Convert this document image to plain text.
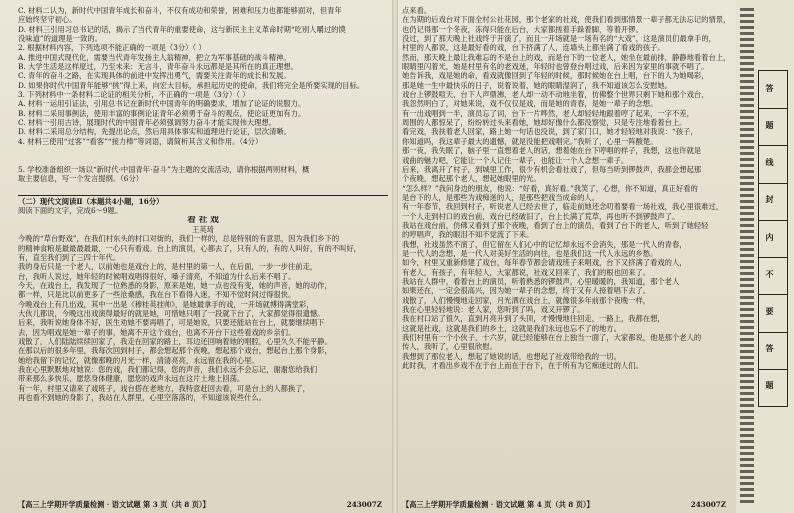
C. 材料二认为，新时代中国青年成长和奋斗，不仅有成功和荣誉，困难和压力也都能够面对，但青年
应始终坚守初心。
D. 材料三引用习总书记的话，揭示了当代青年的重要使命，这与新民主主义革命时期“吃别人嚼过的馍
没味道”的道理是一致的。
2. 根据材料内容，下列选项不能正确的一项是（3分）（ ）
A. 推进中国式现代化，需要当代青年发扬主人翁精神，把立为军事基础的战斗精神。
B. 大学生活是这样度过，乃至未来：无言斗，青年奋斗永远都是是其所在的真正理想。
C. 青年的奋斗之路，在实现具体的前进中发挥出勇气，需要关注青年的成长和发展。
D. 如果你时代中国青年能够“挑”得上来，向宏大目标，承担起历史的使命，我们将完全是所要实现的目标。
3. 下列材料中一条材料二论证的相关分析，不正确的一项是（3分）（ ）
A. 材料一运用引证法，引用总书记在新时代中国青年的明确要求，增加了论证的说服力。
B. 材料二采用事例法，使用丰富的事例论证青年必须勇于奋斗的观点，使论证更加有力。
C. 材料一引用古诗，展现时代的中国青年必须强调努力奋斗才能实现伟大理想。
D. 材料二采用总分结构，先提出论点，然后用具体事实和道理进行论证，层次清晰。
4. 材料三使用“过客”“看客”“接力棒”等词语，请简析其含义和作用。（4分）

5. 学校准备组织一场以“新时代·中国青年·奋斗”为主题的交流活动，请你根据两则材料，概
取主要信息，写一个发言提纲。（6分）

（二）现代文阅读Ⅱ（本题共4小题，16分）
阅读下面的文字，完成6～9题。
看 社 戏
王英琦
今晚的“草台野戏”，在我们村东头的村口对街的，我们一样的，总是特别的有意思，因为我们乡下的
的精神食粮是最最最最最，一心只有看戏。台上的演员，心都去了，只有人的，有的人叫好，有的不叫好，
有，直至我们到了三四十年代。
我的身后只是一个老人，以前她也是戏台上的，是村里的第一人，在后面，一步一步往前走，
台，我听人说过，她年轻的时候唱戏唱得很好，嗓子清亮，不知道为什么后来不唱了。
今天，在戏台上，我发现了一位熟悉的身影，原来是她，她一点也没有变，她的声音，她的动作，
都一样，只是比以前更多了一些沧桑感，我在台下看得入迷，不知不觉时间过得很快。
今晚戏台上有几出戏，其中一出是《穆桂英挂帅》，是她最拿手的戏，一开场就博得满堂彩，
大伙儿都说，今晚这出戏演得最好的就是她，可惜她只唱了一段就下台了，大家都觉得很遗憾。
后来，我听说她身体不好，医生劝她不要再唱了，可是她说，只要还能站在台上，就要继续唱下
去，因为唱戏是她一辈子的事，她离不开这个戏台，也离不开台下这些看戏的乡亲们。
戏散了，人们陆陆续续回家了，我走在回家的路上，耳边还回响着她的唱腔，心里久久不能平静。
在那以后的很多年里，我每次回到村子，都会想起那个夜晚，想起那个戏台，想起台上那个身影，
她给我留下的记忆，就像那晚的月光一样，清清亮亮，永远留在我的心里。
我在心里默默地对她说：您的戏，我们都记得，您的声音，我们永远不会忘记，谢谢您给我们
带来那么多快乐，愿您身体健康，愿您的戏声永远在这片土地上回荡。
有一年，村里又请来了戏班子，戏台搭在老地方，我特意赶回去看，可是台上的人都换了，
再也看不到她的身影了，我站在人群里，心里空落落的，不知道该说些什么。
【高三上学期开学质量检测 · 语文试题 第 3 页（共 8 页）】	243007Z
点来看。
在为期的后戏台对下面全村公社花园，那个老家的社戏，使我们看到那情景一辈子都无法忘记的情景，
也仍记得那一个冬夜，冻得只能在后台，大家都搓着手跺着脚，等着开锣。
没过，到了那天晚上社戏终于开演了，而且一开场就是一场有名的“大戏”，这是演员们最拿手的，
村里的人都说，这是最好看的戏，台下挤满了人，连墙头上都坐满了看戏的孩子。
然而，那天晚上最让我难忘的不是台上的戏，而是台下的一位老人，她坐在最前排，静静地看着台上，
眼睛里闪着光，她是村里有名的老戏迷，年轻时也曾登台唱过戏，后来因为家里的事就不唱了。
她告诉我，戏是她的命，看戏就像回到了年轻的时候，那时候她在台上唱，台下的人为她喝彩，
那是她一生中最快乐的日子，说着说着，她的眼睛湿润了，我不知道该怎么安慰她。
戏台上锣鼓喧天，台下人声鼎沸，老人却一动不动地坐着，仿佛整个世界只剩下她和那个戏台，
我忽然明白了，对她来说，戏不仅仅是戏，而是她的青春，是她一辈子的念想。
有一出戏唱到一半，演员忘了词，台下一片哗然，老人却轻轻地跟着哼了起来，一字不差，
周围的人都惊呆了，纷纷转过头来看她，她却好像什么都没察觉，只是专注地看着台上。
看完戏，我扶着老人回家，路上她一句话也没说，到了家门口，她才轻轻地对我说：“孩子，
你知道吗，我这辈子最大的遗憾，就是没能把戏唱完。”我听了，心里一阵酸楚。
那一夜，我失眠了，脑子里一直想着老人的话，想着她在台下哼唱的样子，我想，这也许就是
戏曲的魅力吧，它能让一个人记住一辈子，也能让一个人念想一辈子。
后来，我离开了村子，到城里工作，很少有机会看社戏了，但每当听到锣鼓声，我都会想起那
个夜晚，想起那个老人，想起她眼里的光。
“怎么样？”我问身边的朋友，他说：“好看，真好看。”我笑了，心想，你不知道，真正好看的
是台下的人，是那些为戏痴迷的人，是那些把戏当成命的人。
有一年春节，我回到村子，听说老人已经去世了，临走前她还念叨着要看一场社戏，我心里很难过，
一个人走到村口的戏台前，戏台已经破旧了，台上长满了荒草，再也听不到锣鼓声了。
我站在戏台前，仿佛又看到了那个夜晚，看到了台上的演员，看到了台下的老人，听到了她轻轻
的哼唱声，我的眼泪不知不觉流了下来。
我想，社戏虽然不演了，但它留在人们心中的记忆却永远不会消失，那是一代人的青春，
是一代人的念想，是一代人对美好生活的向往，也是我们这一代人永远的乡愁。
如今，村里又重新修建了戏台，每年春节都会请戏班子来唱戏，台下又挤满了看戏的人，
有老人，有孩子，有年轻人，大家都说，社戏又回来了，我们的根也回来了。
我站在人群中，看着台上的演员，听着熟悉的锣鼓声，心里暖暖的，我知道，那个老人
如果还在，一定会很高兴，因为她一辈子的念想，终于又有人接着唱下去了。
戏散了，人们慢慢地走回家，月光洒在戏台上，就像很多年前那个夜晚一样，
我在心里轻轻地说：老人家，您听到了吗，戏又开锣了。
我在村口站了很久，直到月亮升到了头顶，才慢慢地往回走，一路上，我都在想，
这就是社戏，这就是我们的乡土，这就是我们永远也忘不了的地方。
我们村里有一个小伙子，十六岁，就已经能够在台上独当一面了，大家都说，他是那个老人的
传人，我听了，心里很欣慰。
我想到了那位老人，想起了她说的话，也想起了社戏带给我的一切。
此时我，才看出乡戏不在于台上而在于台下，在于所有为它痴迷过的人们。
【高三上学期开学质量检测 · 语文试题 第 4 页（共 8 页）】	243007Z
答
题
线
封
内
不
要
答
题
